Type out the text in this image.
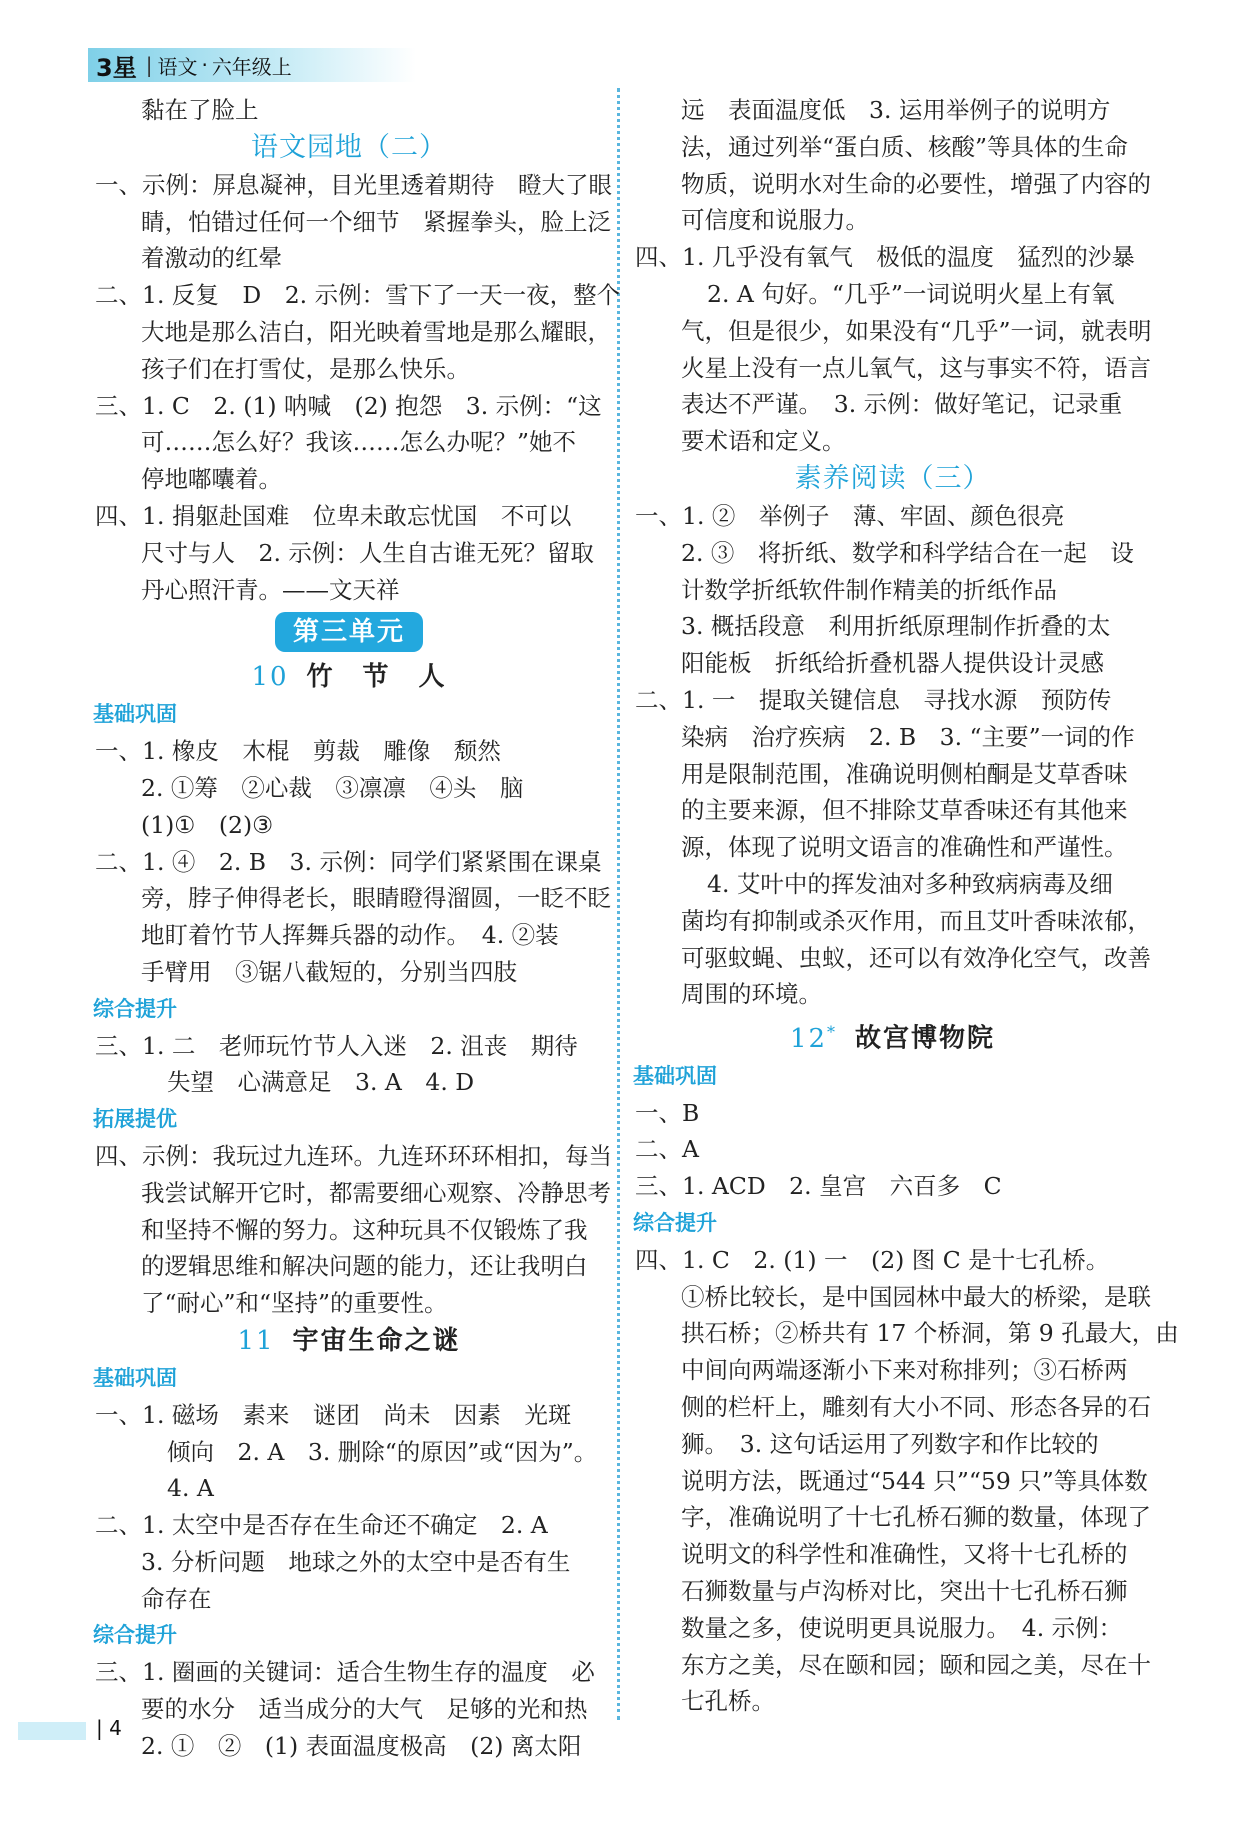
3星 | 语文 · 六年级上
黏在了脸上
语文园地（二）
一、示例：屏息凝神，目光里透着期待　瞪大了眼
睛，怕错过任何一个细节　紧握拳头，脸上泛
着激动的红晕
二、1. 反复　D　2. 示例：雪下了一天一夜，整个
大地是那么洁白，阳光映着雪地是那么耀眼，
孩子们在打雪仗，是那么快乐。
三、1. C　2. (1) 呐喊　(2) 抱怨　3. 示例：“这
可……怎么好？我该……怎么办呢？”她不
停地嘟囔着。
四、1. 捐躯赴国难　位卑未敢忘忧国　不可以
尺寸与人　2. 示例：人生自古谁无死？留取
丹心照汗青。——文天祥
第三单元
10 竹　节　人
基础巩固
一、1. 橡皮　木棍　剪裁　雕像　颓然
2. ①筹　②心裁　③凛凛　④头　脑
(1)①　(2)③
二、1. ④　2. B　3. 示例：同学们紧紧围在课桌
旁，脖子伸得老长，眼睛瞪得溜圆，一眨不眨
地盯着竹节人挥舞兵器的动作。　4. ②装
手臂用　③锯八截短的，分别当四肢
综合提升
三、1. 二　老师玩竹节人入迷　2. 沮丧　期待
失望　心满意足　3. A　4. D
拓展提优
四、示例：我玩过九连环。九连环环环相扣，每当
我尝试解开它时，都需要细心观察、冷静思考
和坚持不懈的努力。这种玩具不仅锻炼了我
的逻辑思维和解决问题的能力，还让我明白
了“耐心”和“坚持”的重要性。
11 宇宙生命之谜
基础巩固
一、1. 磁场　素来　谜团　尚未　因素　光斑
倾向　2. A　3. 删除“的原因”或“因为”。
4. A
二、1. 太空中是否存在生命还不确定　2. A
3. 分析问题　地球之外的太空中是否有生
命存在
综合提升
三、1. 圈画的关键词：适合生物生存的温度　必
要的水分　适当成分的大气　足够的光和热
2. ①　②　(1) 表面温度极高　(2) 离太阳
远　表面温度低　3. 运用举例子的说明方
法，通过列举“蛋白质、核酸”等具体的生命
物质，说明水对生命的必要性，增强了内容的
可信度和说服力。
四、1. 几乎没有氧气　极低的温度　猛烈的沙暴
2. A 句好。“几乎”一词说明火星上有氧
气，但是很少，如果没有“几乎”一词，就表明
火星上没有一点儿氧气，这与事实不符，语言
表达不严谨。　3. 示例：做好笔记，记录重
要术语和定义。
素养阅读（三）
一、1. ②　举例子　薄、牢固、颜色很亮
2. ③　将折纸、数学和科学结合在一起　设
计数学折纸软件制作精美的折纸作品
3. 概括段意　利用折纸原理制作折叠的太
阳能板　折纸给折叠机器人提供设计灵感
二、1. 一　提取关键信息　寻找水源　预防传
染病　治疗疾病　2. B　3. “主要”一词的作
用是限制范围，准确说明侧柏酮是艾草香味
的主要来源，但不排除艾草香味还有其他来
源，体现了说明文语言的准确性和严谨性。
4. 艾叶中的挥发油对多种致病病毒及细
菌均有抑制或杀灭作用，而且艾叶香味浓郁，
可驱蚊蝇、虫蚁，还可以有效净化空气，改善
周围的环境。
12* 故宫博物院
基础巩固
一、B
二、A
三、1. ACD　2. 皇宫　六百多　C
综合提升
四、1. C　2. (1) 一　(2) 图 C 是十七孔桥。
①桥比较长，是中国园林中最大的桥梁，是联
拱石桥；②桥共有 17 个桥洞，第 9 孔最大，由
中间向两端逐渐小下来对称排列；③石桥两
侧的栏杆上，雕刻有大小不同、形态各异的石
狮。　3. 这句话运用了列数字和作比较的
说明方法，既通过“544 只”“59 只”等具体数
字，准确说明了十七孔桥石狮的数量，体现了
说明文的科学性和准确性，又将十七孔桥的
石狮数量与卢沟桥对比，突出十七孔桥石狮
数量之多，使说明更具说服力。　4. 示例：
东方之美，尽在颐和园；颐和园之美，尽在十
七孔桥。
| 4
